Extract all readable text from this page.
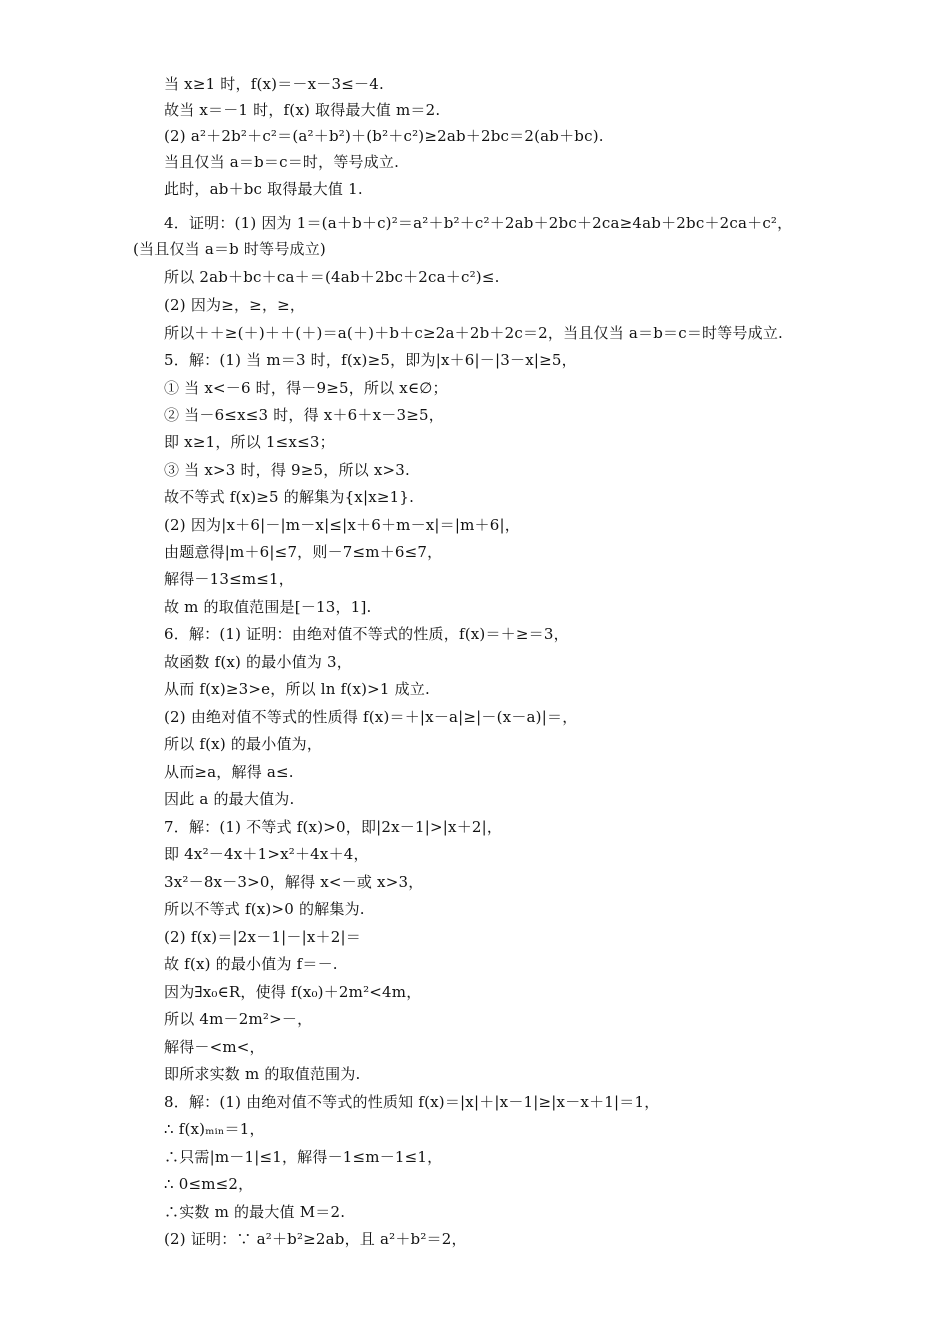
当 x≥1 时，f(x)＝－x－3≤－4.
故当 x＝－1 时，f(x) 取得最大值 m＝2.
(2) a²＋2b²＋c²＝(a²＋b²)＋(b²＋c²)≥2ab＋2bc＝2(ab＋bc).
当且仅当 a＝b＝c＝时，等号成立.
此时，ab＋bc 取得最大值 1.
4．证明：(1) 因为 1＝(a＋b＋c)²＝a²＋b²＋c²＋2ab＋2bc＋2ca≥4ab＋2bc＋2ca＋c²，
(当且仅当 a＝b 时等号成立)
所以 2ab＋bc＋ca＋＝(4ab＋2bc＋2ca＋c²)≤.
(2) 因为≥，≥，≥，
所以＋＋≥(＋)＋＋(＋)＝a(＋)＋b＋c≥2a＋2b＋2c＝2，当且仅当 a＝b＝c＝时等号成立.
5．解：(1) 当 m＝3 时，f(x)≥5，即为|x＋6|－|3－x|≥5，
① 当 x<－6 时，得－9≥5，所以 x∈∅；
② 当－6≤x≤3 时，得 x＋6＋x－3≥5，
即 x≥1，所以 1≤x≤3；
③ 当 x>3 时，得 9≥5，所以 x>3.
故不等式 f(x)≥5 的解集为{x|x≥1}.
(2) 因为|x＋6|－|m－x|≤|x＋6＋m－x|＝|m＋6|，
由题意得|m＋6|≤7，则－7≤m＋6≤7，
解得－13≤m≤1，
故 m 的取值范围是[－13，1].
6．解：(1) 证明：由绝对值不等式的性质，f(x)＝＋≥＝3，
故函数 f(x) 的最小值为 3，
从而 f(x)≥3>e，所以 ln f(x)>1 成立.
(2) 由绝对值不等式的性质得 f(x)＝＋|x－a|≥|－(x－a)|＝，
所以 f(x) 的最小值为，
从而≥a，解得 a≤.
因此 a 的最大值为.
7．解：(1) 不等式 f(x)>0，即|2x－1|>|x＋2|，
即 4x²－4x＋1>x²＋4x＋4，
3x²－8x－3>0，解得 x<－或 x>3，
所以不等式 f(x)>0 的解集为.
(2) f(x)＝|2x－1|－|x＋2|＝
故 f(x) 的最小值为 f＝－.
因为∃x₀∈R，使得 f(x₀)＋2m²<4m，
所以 4m－2m²>－，
解得－<m<，
即所求实数 m 的取值范围为.
8．解：(1) 由绝对值不等式的性质知 f(x)＝|x|＋|x－1|≥|x－x＋1|＝1，
∴ f(x)ₘᵢₙ＝1，
∴只需|m－1|≤1，解得－1≤m－1≤1，
∴ 0≤m≤2，
∴实数 m 的最大值 M＝2.
(2) 证明：∵ a²＋b²≥2ab，且 a²＋b²＝2，
